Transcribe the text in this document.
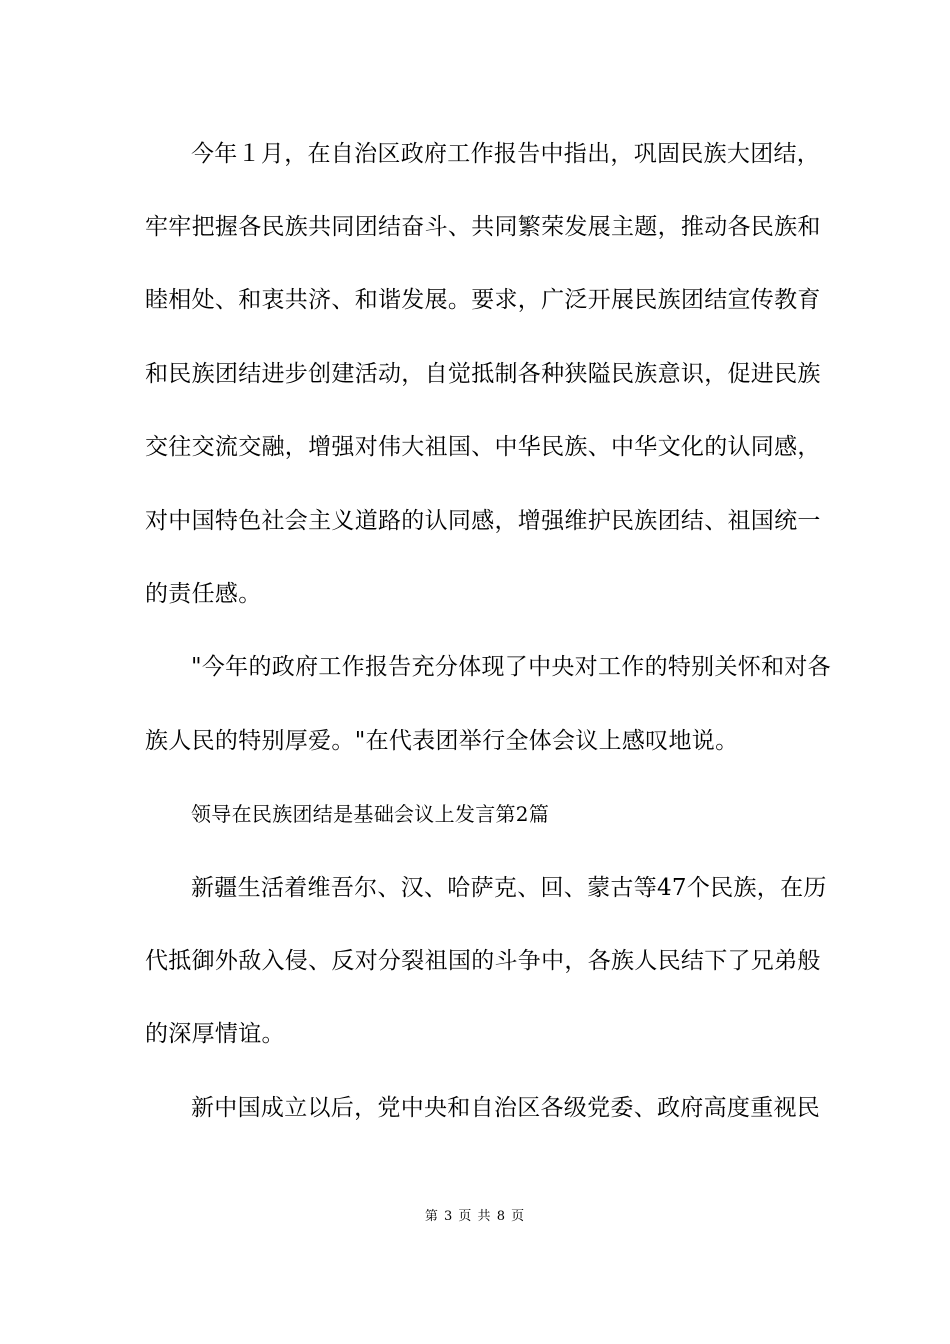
今年１月，在自治区政府工作报告中指出，巩固民族大团结，
牢牢把握各民族共同团结奋斗、共同繁荣发展主题，推动各民族和
睦相处、和衷共济、和谐发展。要求，广泛开展民族团结宣传教育
和民族团结进步创建活动，自觉抵制各种狭隘民族意识，促进民族
交往交流交融，增强对伟大祖国、中华民族、中华文化的认同感，
对中国特色社会主义道路的认同感，增强维护民族团结、祖国统一
的责任感。
"今年的政府工作报告充分体现了中央对工作的特别关怀和对各
族人民的特别厚爱。"在代表团举行全体会议上感叹地说。
领导在民族团结是基础会议上发言第2篇
新疆生活着维吾尔、汉、哈萨克、回、蒙古等47个民族，在历
代抵御外敌入侵、反对分裂祖国的斗争中，各族人民结下了兄弟般
的深厚情谊。
新中国成立以后，党中央和自治区各级党委、政府高度重视民
第 3 页 共 8 页
